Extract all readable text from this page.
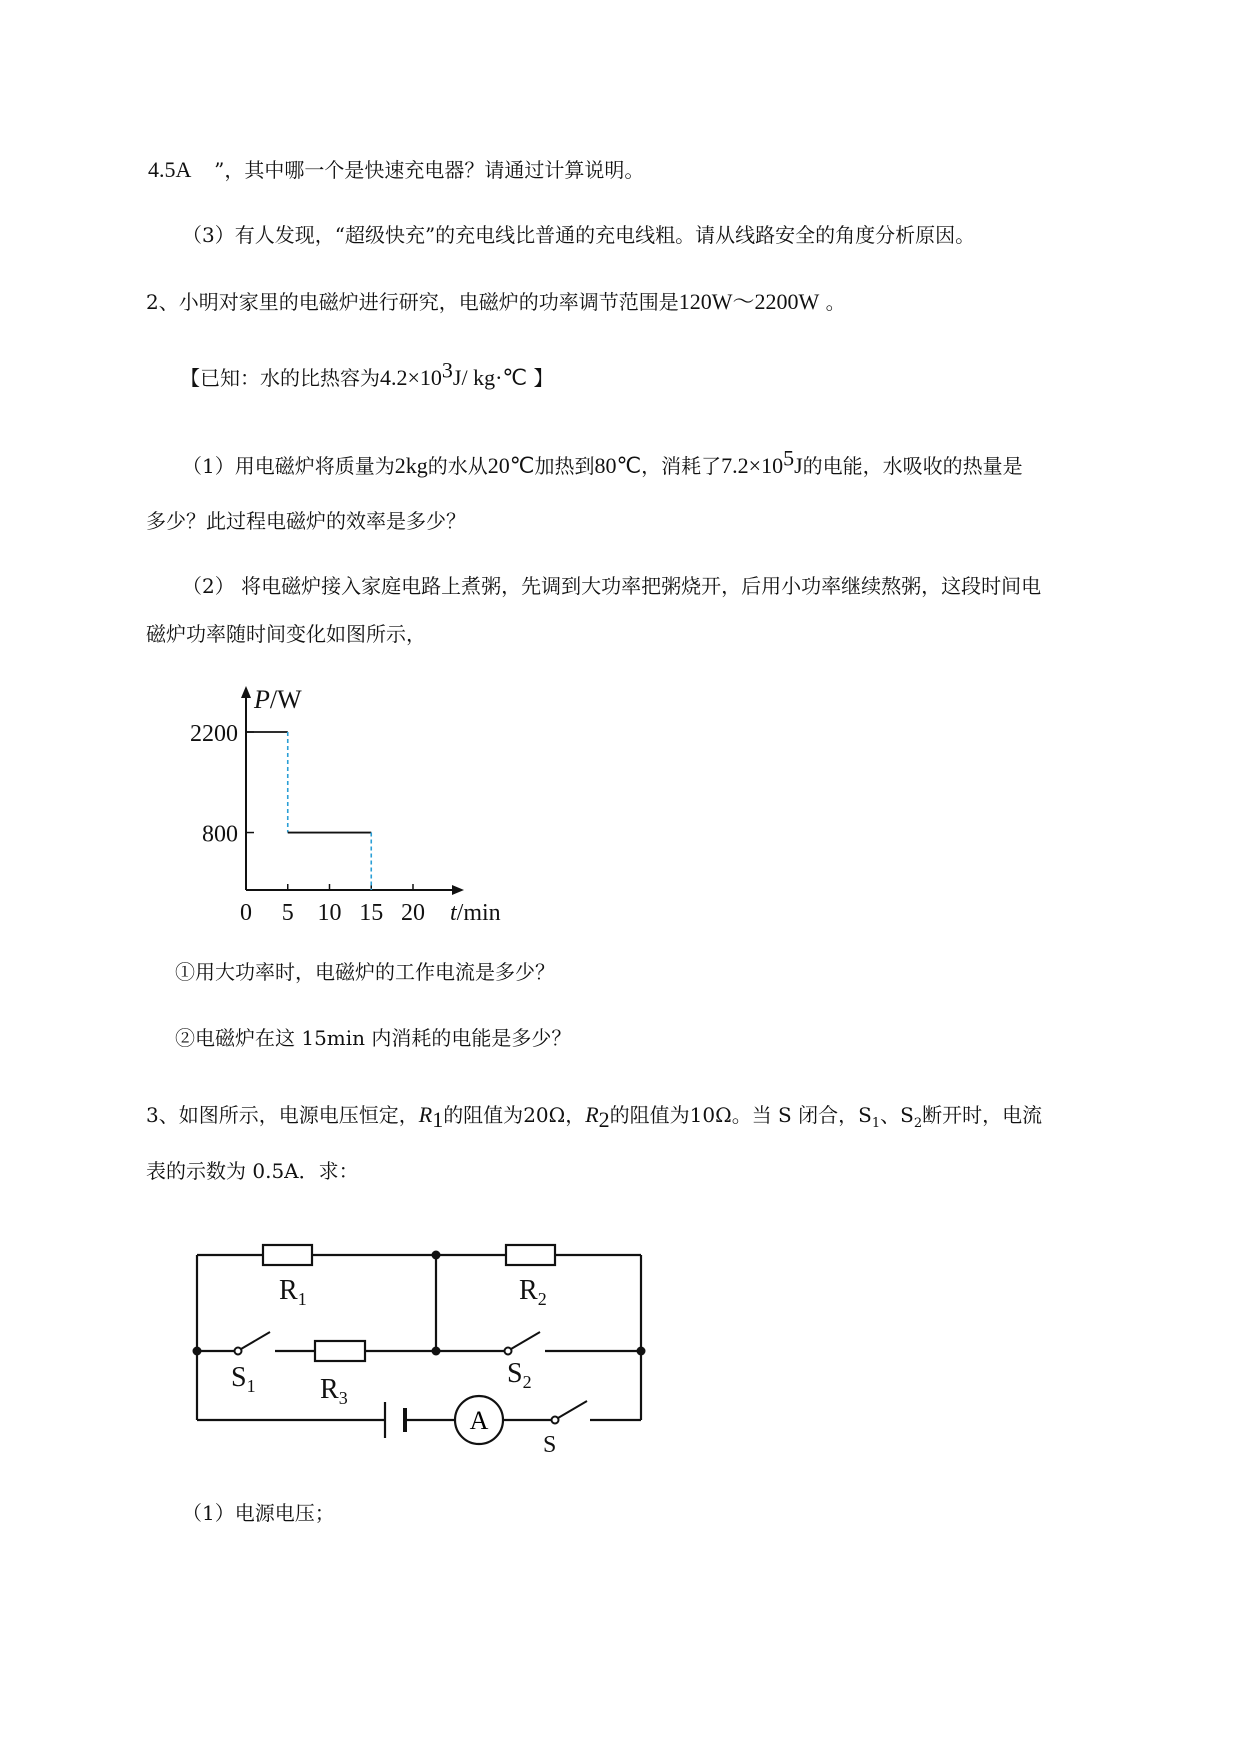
4.5A ”，其中哪一个是快速充电器？请通过计算说明。
（3）有人发现，“超级快充”的充电线比普通的充电线粗。请从线路安全的角度分析原因。
2、小明对家里的电磁炉进行研究，电磁炉的功率调节范围是120W～2200W 。
【已知：水的比热容为$4.2\times 10^3J/$ kg·℃ 】
（1）用电磁炉将质量为2kg的水从20℃加热到80℃，消耗了$7.2\times 10^5J$的电能，水吸收的热量是
多少？此过程电磁炉的效率是多少？
（2） 将电磁炉接入家庭电路上煮粥，先调到大功率把粥烧开，后用小功率继续熬粥，这段时间电
磁炉功率随时间变化如图所示，
P/W
0 5 10 15 20 t/min
2200
800
①用大功率时，电磁炉的工作电流是多少？
②电磁炉在这 15min 内消耗的电能是多少？
3、如图所示，电源电压恒定，$R_1$的阻值为20Ω，$R_2$的阻值为10Ω。当 S 闭合，$S_1$、$S_2$断开时，电流
表的示数为 0.5A．求：
A
$R_1$	$R_2$
$R_3$
$S_1$	$S_2$
S
（1）电源电压；
